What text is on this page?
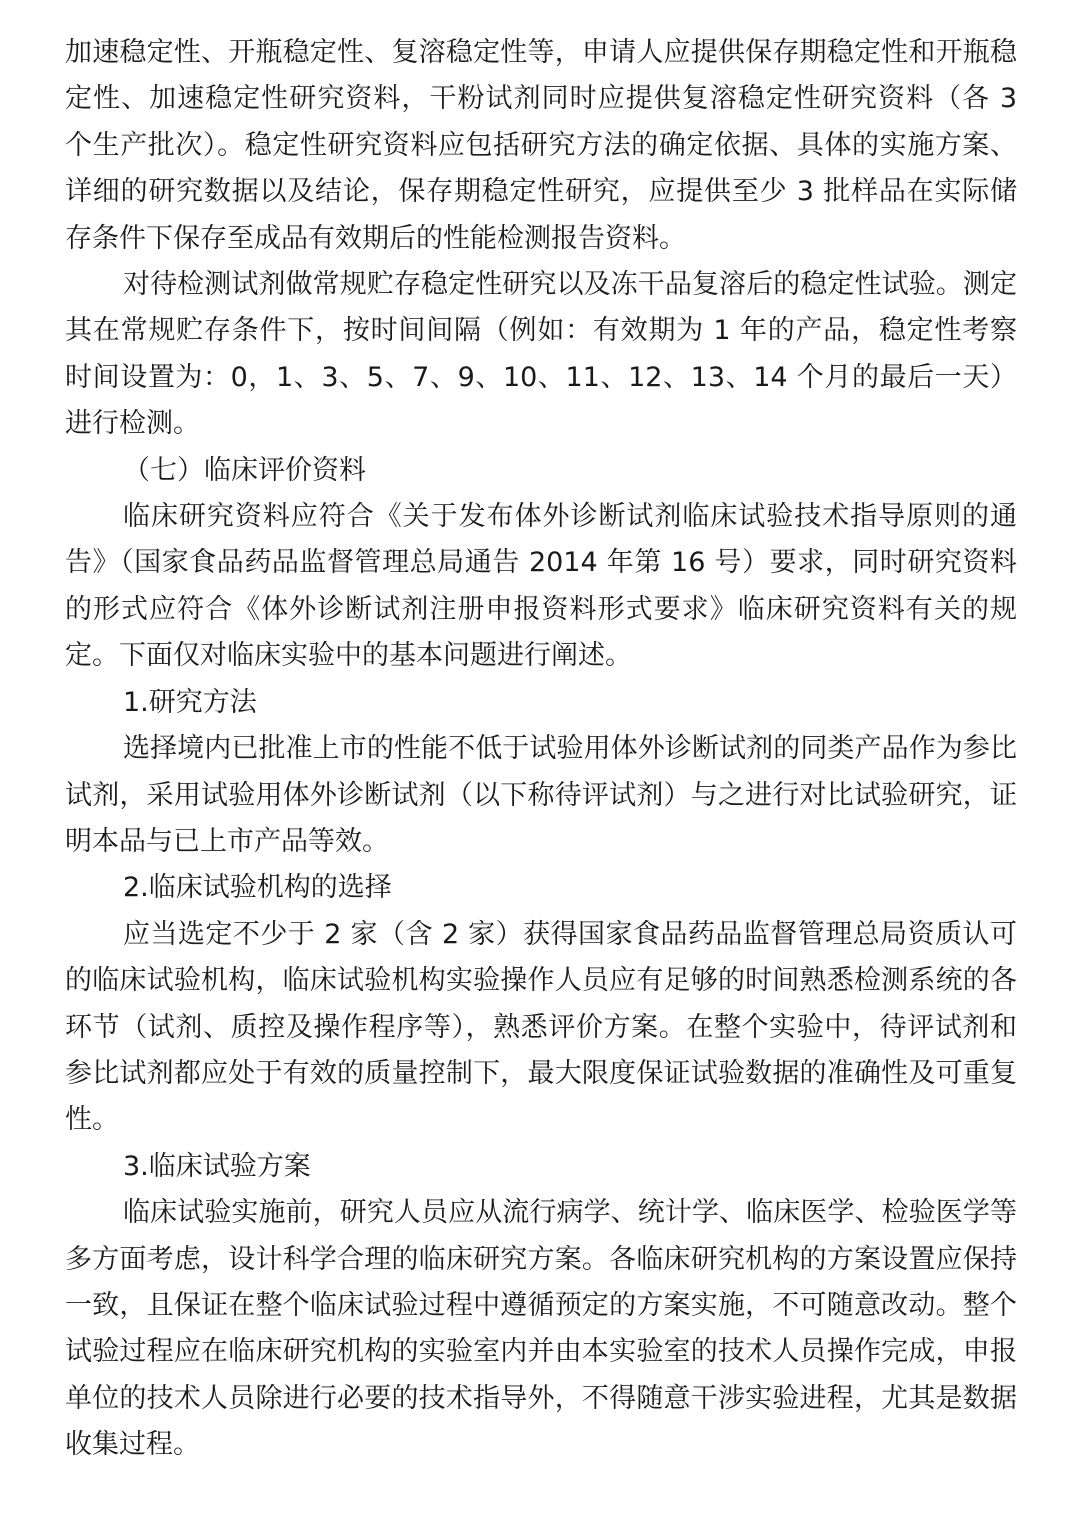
加速稳定性、开瓶稳定性、复溶稳定性等，申请人应提供保存期稳定性和开瓶稳定性、加速稳定性研究资料，干粉试剂同时应提供复溶稳定性研究资料（各 3 个生产批次）。稳定性研究资料应包括研究方法的确定依据、具体的实施方案、详细的研究数据以及结论，保存期稳定性研究，应提供至少 3 批样品在实际储存条件下保存至成品有效期后的性能检测报告资料。

对待检测试剂做常规贮存稳定性研究以及冻干品复溶后的稳定性试验。测定其在常规贮存条件下，按时间间隔（例如：有效期为 1 年的产品，稳定性考察时间设置为：0，1、3、5、7、9、10、11、12、13、14 个月的最后一天）进行检测。

（七）临床评价资料

临床研究资料应符合《关于发布体外诊断试剂临床试验技术指导原则的通告》（国家食品药品监督管理总局通告 2014 年第 16 号）要求，同时研究资料的形式应符合《体外诊断试剂注册申报资料形式要求》临床研究资料有关的规定。下面仅对临床实验中的基本问题进行阐述。

1.研究方法

选择境内已批准上市的性能不低于试验用体外诊断试剂的同类产品作为参比试剂，采用试验用体外诊断试剂（以下称待评试剂）与之进行对比试验研究，证明本品与已上市产品等效。

2.临床试验机构的选择

应当选定不少于 2 家（含 2 家）获得国家食品药品监督管理总局资质认可的临床试验机构，临床试验机构实验操作人员应有足够的时间熟悉检测系统的各环节（试剂、质控及操作程序等），熟悉评价方案。在整个实验中，待评试剂和参比试剂都应处于有效的质量控制下，最大限度保证试验数据的准确性及可重复性。

3.临床试验方案

临床试验实施前，研究人员应从流行病学、统计学、临床医学、检验医学等多方面考虑，设计科学合理的临床研究方案。各临床研究机构的方案设置应保持一致，且保证在整个临床试验过程中遵循预定的方案实施，不可随意改动。整个试验过程应在临床研究机构的实验室内并由本实验室的技术人员操作完成，申报单位的技术人员除进行必要的技术指导外，不得随意干涉实验进程，尤其是数据收集过程。
